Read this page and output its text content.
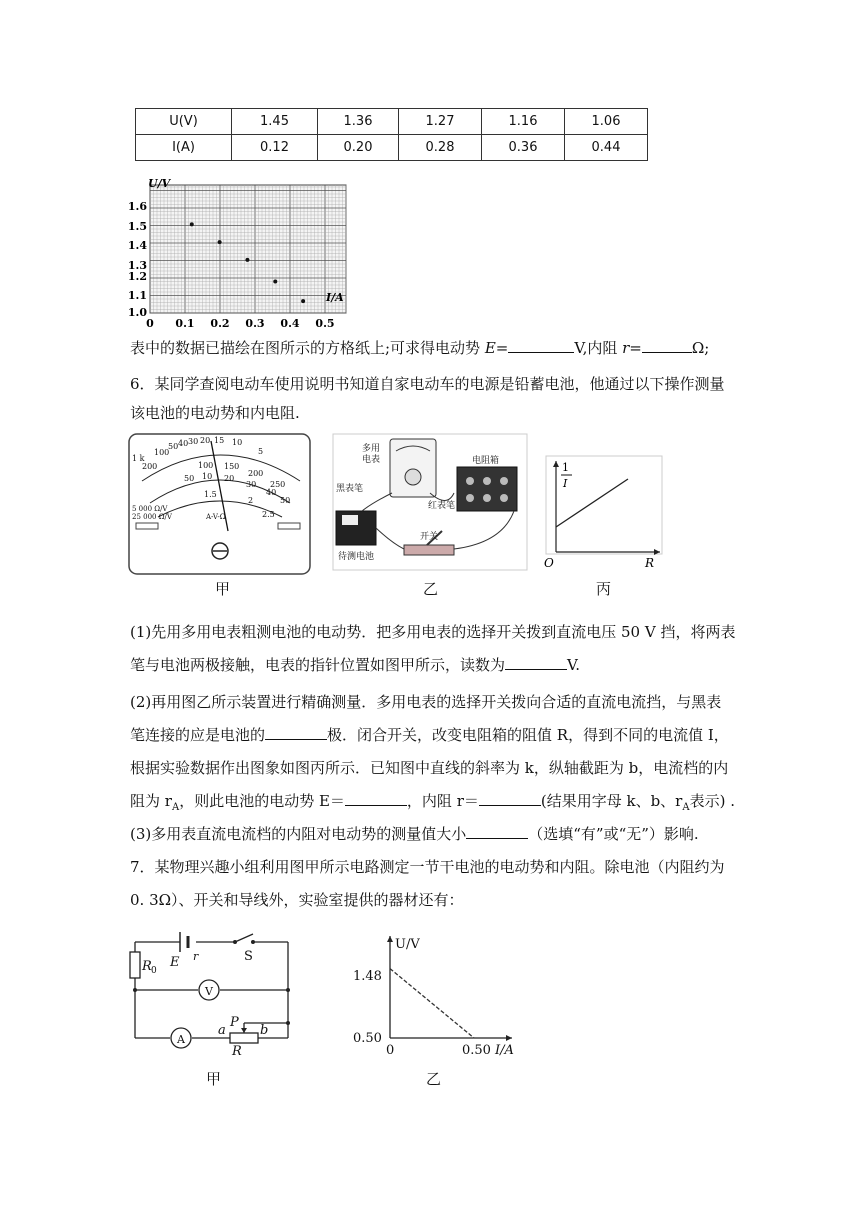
U(V)	1.45	1.36	1.27	1.16	1.06
I(A)	0.12	0.20	0.28	0.36	0.44
U/V
I/A
1.6
1.5
1.4
1.3
1.2
1.1
1.0
0 0.1 0.2 0.3 0.4 0.5
表中的数据已描绘在图所示的方格纸上;可求得电动势 E=	V,内阻 r=	Ω;
6．某同学查阅电动车使用说明书知道自家电动车的电源是铅蓄电池，他通过以下操作测量
该电池的电动势和内电阻.
100
50 40 30 20 15 10
5
100 150
200
250
50 10 20
30
40
50
1.5
2
2.5
1 k
200
5 000 Ω/V
25 000 Ω/V	A-V-Ω
甲
多用
电表
黑表笔
红表笔
电阻箱
开关
待测电池
乙
1
I
R
O
丙
(1)先用多用电表粗测电池的电动势．把多用电表的选择开关拨到直流电压 50 V 挡，将两表
笔与电池两极接触，电表的指针位置如图甲所示，读数为	V.
(2)再用图乙所示装置进行精确测量．多用电表的选择开关拨向合适的直流电流挡，与黑表
笔连接的应是电池的	极．闭合开关，改变电阻箱的阻值 R，得到不同的电流值 I，
根据实验数据作出图象如图丙所示．已知图中直线的斜率为 k，纵轴截距为 b，电流档的内
阻为 $r_A$，则此电池的电动势 E＝	，内阻 r＝	(结果用字母 k、b、$r_A$表示) .
(3)多用表直流电流档的内阻对电动势的测量值大小	（选填“有”或“无”）影响.
7．某物理兴趣小组利用图甲所示电路测定一节干电池的电动势和内阻。除电池（内阻约为
0. 3Ω）、开关和导线外，实验室提供的器材还有：
E r	S
R 0
V
A
a	b
P
R
甲
U/V
1.48
0.50
0	0.50 I/A
乙
